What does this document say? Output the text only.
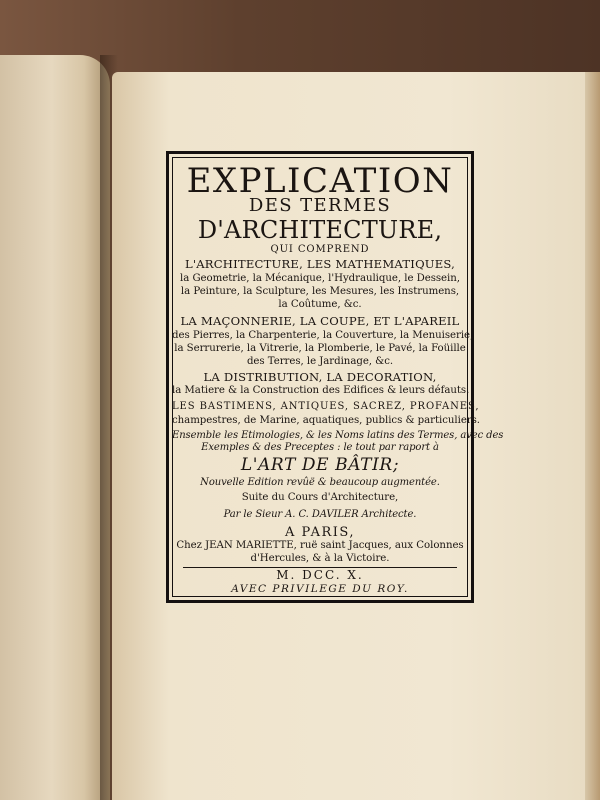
EXPLICATION

DES TERMES

D'ARCHITECTURE,

QUI COMPREND

L'ARCHITECTURE, LES MATHEMATIQUES,

la Geometrie, la Mécanique, l'Hydraulique, le Dessein,

la Peinture, la Sculpture, les Mesures, les Instrumens,

la Coûtume, &c.

LA MAÇONNERIE, LA COUPE, ET L'APAREIL

des Pierres, la Charpenterie, la Couverture, la Menuiserie,

la Serrurerie, la Vitrerie, la Plomberie, le Pavé, la Foüille

des Terres, le Jardinage, &c.

LA DISTRIBUTION, LA DECORATION,

la Matiere & la Construction des Edifices & leurs défauts.

LES BASTIMENS, ANTIQUES, SACREZ, PROFANES,

champestres, de Marine, aquatiques, publics & particuliers.

Ensemble les Etimologies, & les Noms latins des Termes, avec des

Exemples & des Preceptes : le tout par raport à

L'ART DE BÂTIR;

Nouvelle Edition revûë & beaucoup augmentée.

Suite du Cours d'Architecture,

Par le Sieur A. C. DAVILER Architecte.

A PARIS,

Chez JEAN MARIETTE, ruë saint Jacques, aux Colonnes

d'Hercules, & à la Victoire.

M. DCC. X.

AVEC PRIVILEGE DU ROY.
